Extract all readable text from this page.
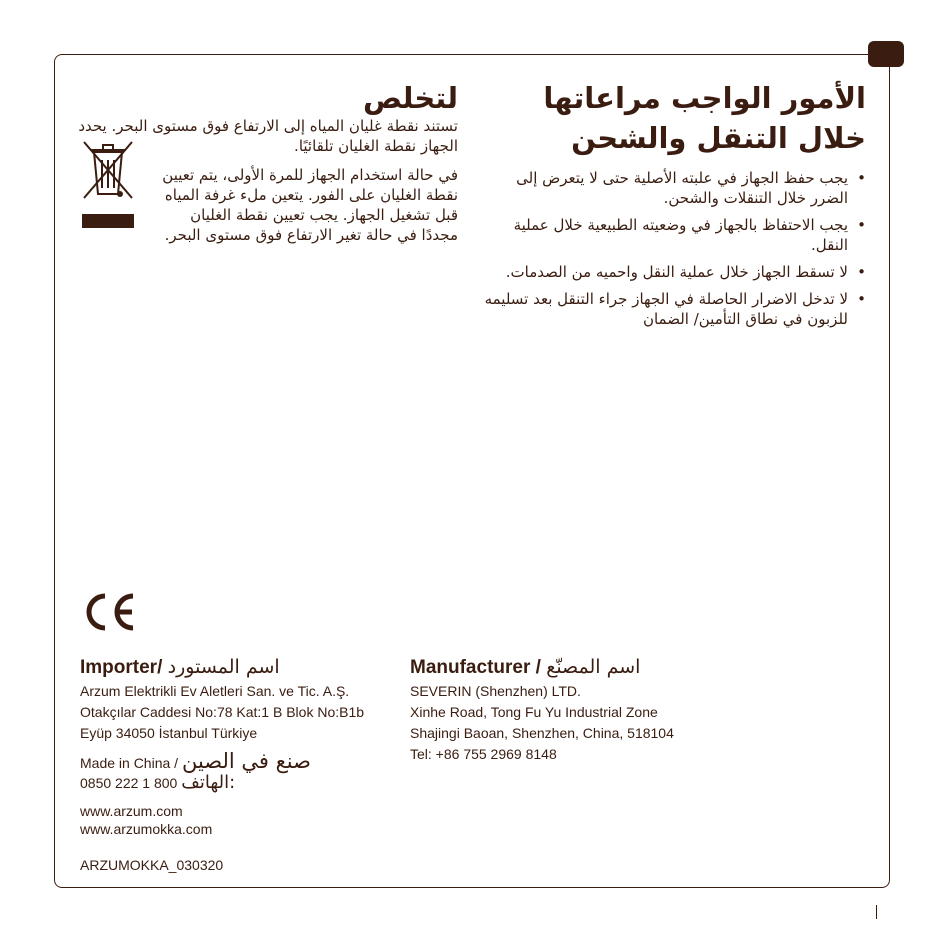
الأمور الواجب مراعاتها خلال التنقل والشحن
• يجب حفظ الجهاز في علبته الأصلية حتى لا يتعرض إلى الضرر خلال التنقلات والشحن.
• يجب الاحتفاظ بالجهاز في وضعيته الطبيعية خلال عملية النقل.
• لا تسقط الجهاز خلال عملية النقل واحميه من الصدمات.
• لا تدخل الاضرار الحاصلة في الجهاز جراء التنقل بعد تسليمه للزبون في نطاق التأمين/ الضمان
لتخلص
تستند نقطة غليان المياه إلى الارتفاع فوق مستوى البحر. يحدد الجهاز نقطة الغليان تلقائيًا.
في حالة استخدام الجهاز للمرة الأولى، يتم تعيين نقطة الغليان على الفور. يتعين ملء غرفة المياه قبل تشغيل الجهاز. يجب تعيين نقطة الغليان مجددًا في حالة تغير الارتفاع فوق مستوى البحر.
Importer/ اسم المستورد
Arzum Elektrikli Ev Aletleri San. ve Tic. A.Ş.
Otakçılar Caddesi No:78 Kat:1 B Blok No:B1b
Eyüp 34050 İstanbul Türkiye
Made in China / صنع في الصين
0850 222 1 800 الهاتف:
Manufacturer / اسم المصنّع
SEVERIN (Shenzhen) LTD.
Xinhe Road, Tong Fu Yu Industrial Zone
Shajingi Baoan, Shenzhen, China, 518104
Tel: +86 755 2969 8148
www.arzum.com
www.arzumokka.com
ARZUMOKKA_030320
